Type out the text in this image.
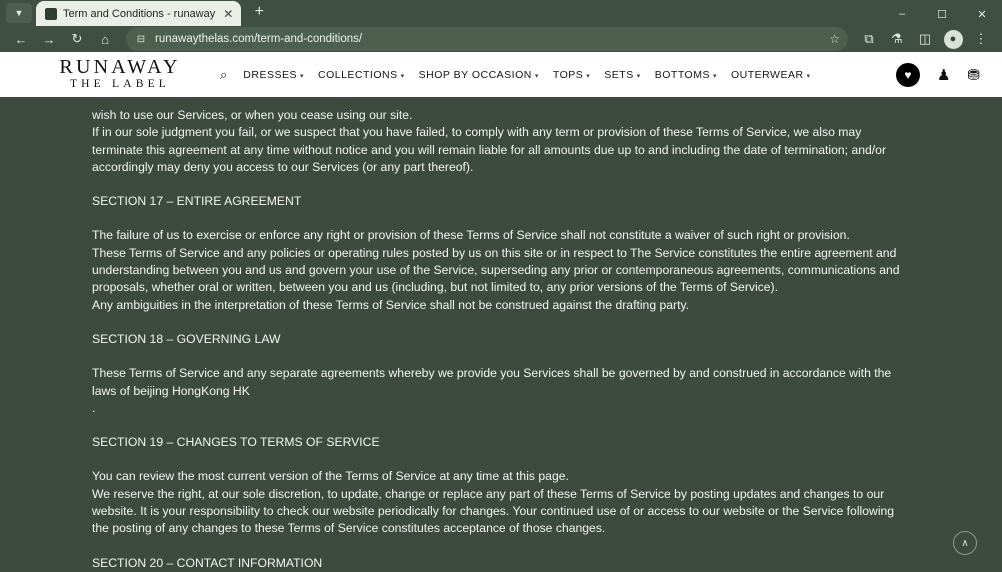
▼	Term and Conditions - runaway ✕	+	–	☐	✕
←	→	↻	⌂	⊟ runawaythelas.com/term-and-conditions/	☆	⧉	⚗	◫	●	⋮
RUNAWAY
THE LABEL
⌕ DRESSES ▾ COLLECTIONS ▾ SHOP BY OCCASION ▾ TOPS ▾ SETS ▾ BOTTOMS ▾ OUTERWEAR ▾	♥	♟ ⛃

wish to use our Services, or when you cease using our site.

If in our sole judgment you fail, or we suspect that you have failed, to comply with any term or provision of these Terms of Service, we also may terminate this agreement at any time without notice and you will remain liable for all amounts due up to and including the date of termination; and/or accordingly may deny you access to our Services (or any part thereof).

SECTION 17 – ENTIRE AGREEMENT

The failure of us to exercise or enforce any right or provision of these Terms of Service shall not constitute a waiver of such right or provision.

These Terms of Service and any policies or operating rules posted by us on this site or in respect to The Service constitutes the entire agreement and understanding between you and us and govern your use of the Service, superseding any prior or contemporaneous agreements, communications and proposals, whether oral or written, between you and us (including, but not limited to, any prior versions of the Terms of Service).

Any ambiguities in the interpretation of these Terms of Service shall not be construed against the drafting party.

SECTION 18 – GOVERNING LAW

These Terms of Service and any separate agreements whereby we provide you Services shall be governed by and construed in accordance with the laws of beijing HongKong HK

.

SECTION 19 – CHANGES TO TERMS OF SERVICE

You can review the most current version of the Terms of Service at any time at this page.

We reserve the right, at our sole discretion, to update, change or replace any part of these Terms of Service by posting updates and changes to our website. It is your responsibility to check our website periodically for changes. Your continued use of or access to our website or the Service following the posting of any changes to these Terms of Service constitutes acceptance of those changes.

SECTION 20 – CONTACT INFORMATION

∧
